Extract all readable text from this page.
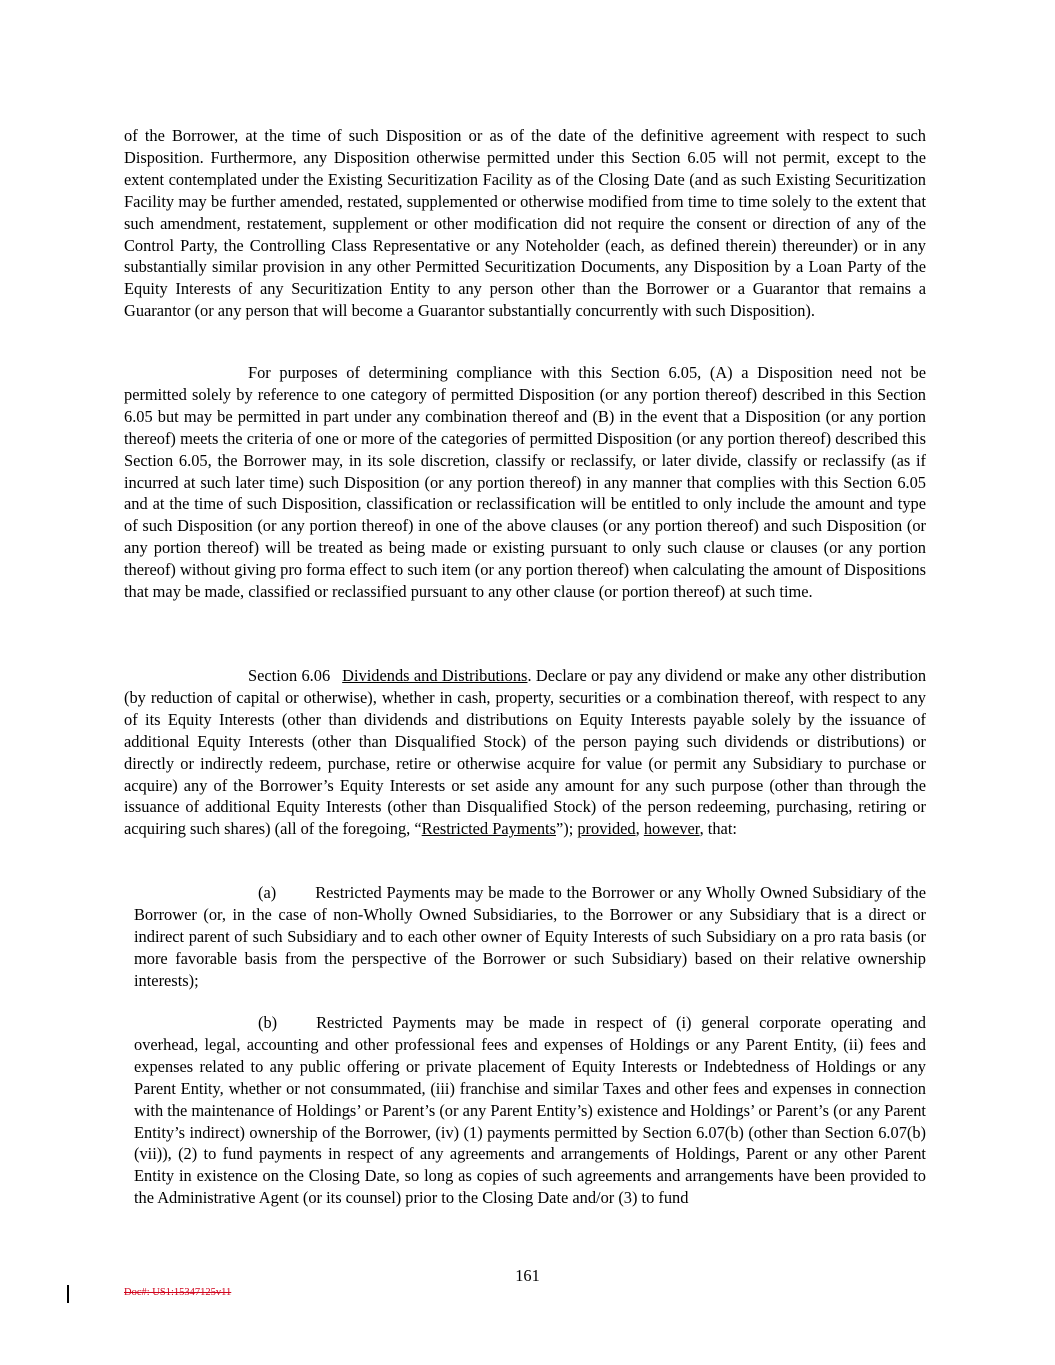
of the Borrower, at the time of such Disposition or as of the date of the definitive agreement with respect to such Disposition. Furthermore, any Disposition otherwise permitted under this Section 6.05 will not permit, except to the extent contemplated under the Existing Securitization Facility as of the Closing Date (and as such Existing Securitization Facility may be further amended, restated, supplemented or otherwise modified from time to time solely to the extent that such amendment, restatement, supplement or other modification did not require the consent or direction of any of the Control Party, the Controlling Class Representative or any Noteholder (each, as defined therein) thereunder) or in any substantially similar provision in any other Permitted Securitization Documents, any Disposition by a Loan Party of the Equity Interests of any Securitization Entity to any person other than the Borrower or a Guarantor that remains a Guarantor (or any person that will become a Guarantor substantially concurrently with such Disposition).

For purposes of determining compliance with this Section 6.05, (A) a Disposition need not be permitted solely by reference to one category of permitted Disposition (or any portion thereof) described in this Section 6.05 but may be permitted in part under any combination thereof and (B) in the event that a Disposition (or any portion thereof) meets the criteria of one or more of the categories of permitted Disposition (or any portion thereof) described this Section 6.05, the Borrower may, in its sole discretion, classify or reclassify, or later divide, classify or reclassify (as if incurred at such later time) such Disposition (or any portion thereof) in any manner that complies with this Section 6.05 and at the time of such Disposition, classification or reclassification will be entitled to only include the amount and type of such Disposition (or any portion thereof) in one of the above clauses (or any portion thereof) and such Disposition (or any portion thereof) will be treated as being made or existing pursuant to only such clause or clauses (or any portion thereof) without giving pro forma effect to such item (or any portion thereof) when calculating the amount of Dispositions that may be made, classified or reclassified pursuant to any other clause (or portion thereof) at such time.

Section 6.06 Dividends and Distributions. Declare or pay any dividend or make any other distribution (by reduction of capital or otherwise), whether in cash, property, securities or a combination thereof, with respect to any of its Equity Interests (other than dividends and distributions on Equity Interests payable solely by the issuance of additional Equity Interests (other than Disqualified Stock) of the person paying such dividends or distributions) or directly or indirectly redeem, purchase, retire or otherwise acquire for value (or permit any Subsidiary to purchase or acquire) any of the Borrower’s Equity Interests or set aside any amount for any such purpose (other than through the issuance of additional Equity Interests (other than Disqualified Stock) of the person redeeming, purchasing, retiring or acquiring such shares) (all of the foregoing, “Restricted Payments”); provided, however, that:

(a) Restricted Payments may be made to the Borrower or any Wholly Owned Subsidiary of the Borrower (or, in the case of non-Wholly Owned Subsidiaries, to the Borrower or any Subsidiary that is a direct or indirect parent of such Subsidiary and to each other owner of Equity Interests of such Subsidiary on a pro rata basis (or more favorable basis from the perspective of the Borrower or such Subsidiary) based on their relative ownership interests);

(b) Restricted Payments may be made in respect of (i) general corporate operating and overhead, legal, accounting and other professional fees and expenses of Holdings or any Parent Entity, (ii) fees and expenses related to any public offering or private placement of Equity Interests or Indebtedness of Holdings or any Parent Entity, whether or not consummated, (iii) franchise and similar Taxes and other fees and expenses in connection with the maintenance of Holdings’ or Parent’s (or any Parent Entity’s) existence and Holdings’ or Parent’s (or any Parent Entity’s indirect) ownership of the Borrower, (iv) (1) payments permitted by Section 6.07(b) (other than Section 6.07(b)(vii)), (2) to fund payments in respect of any agreements and arrangements of Holdings, Parent or any other Parent Entity in existence on the Closing Date, so long as copies of such agreements and arrangements have been provided to the Administrative Agent (or its counsel) prior to the Closing Date and/or (3) to fund

161
Doc#: US1:15347125v11
